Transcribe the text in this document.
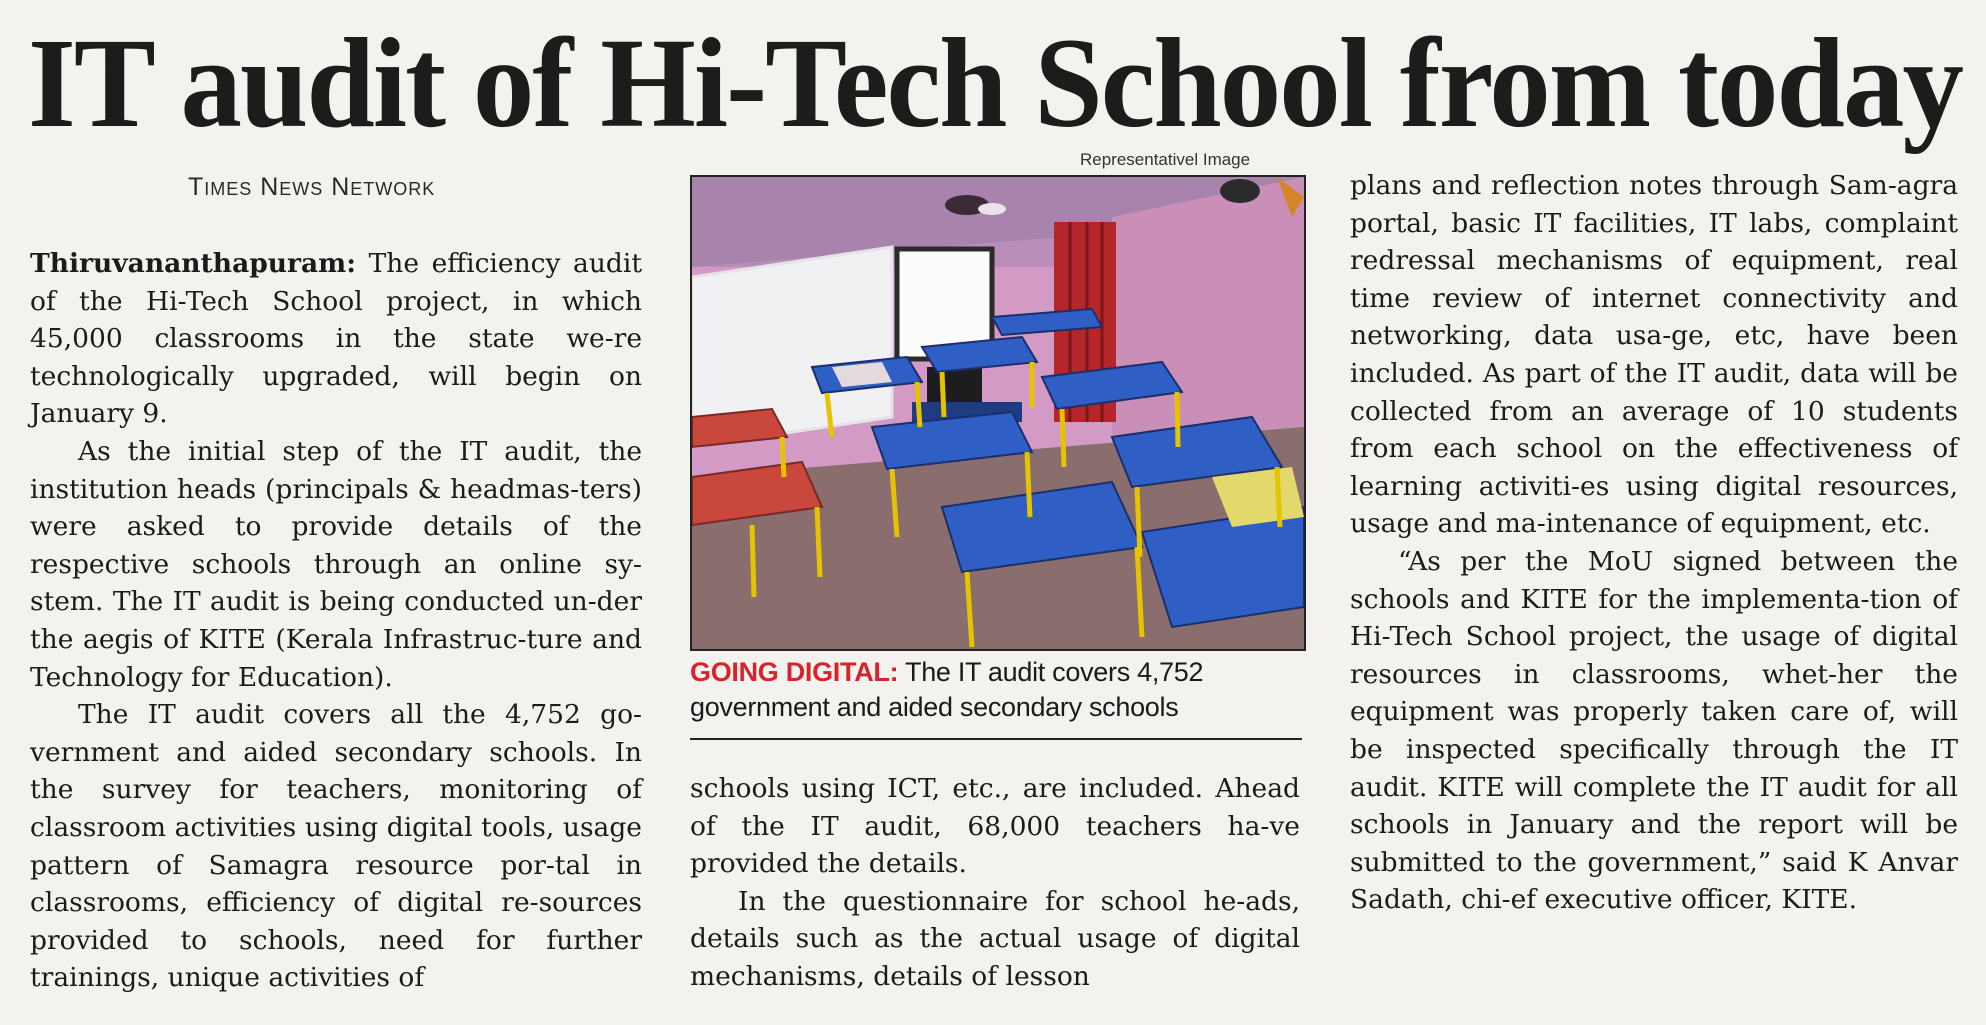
IT audit of Hi-Tech School from today
Times News Network

Thiruvananthapuram: The efficiency audit of the Hi-Tech School project, in which 45,000 classrooms in the state we-re technologically upgraded, will begin on January 9.

As the initial step of the IT audit, the institution heads (principals & headmas-ters) were asked to provide details of the respective schools through an online sy-stem. The IT audit is being conducted un-der the aegis of KITE (Kerala Infrastruc-ture and Technology for Education).

The IT audit covers all the 4,752 go-vernment and aided secondary schools. In the survey for teachers, monitoring of classroom activities using digital tools, usage pattern of Samagra resource por-tal in classrooms, efficiency of digital re-sources provided to schools, need for further trainings, unique activities of

Representativel Image
GOING DIGITAL: The IT audit covers 4,752 government and aided secondary schools

schools using ICT, etc., are included. Ahead of the IT audit, 68,000 teachers ha-ve provided the details.

In the questionnaire for school he-ads, details such as the actual usage of digital mechanisms, details of lesson

plans and reflection notes through Sam-agra portal, basic IT facilities, IT labs, complaint redressal mechanisms of equipment, real time review of internet connectivity and networking, data usa-ge, etc, have been included. As part of the IT audit, data will be collected from an average of 10 students from each school on the effectiveness of learning activiti-es using digital resources, usage and ma-intenance of equipment, etc.

“As per the MoU signed between the schools and KITE for the implementa-tion of Hi-Tech School project, the usage of digital resources in classrooms, whet-her the equipment was properly taken care of, will be inspected specifically through the IT audit. KITE will complete the IT audit for all schools in January and the report will be submitted to the government,” said K Anvar Sadath, chi-ef executive officer, KITE.
